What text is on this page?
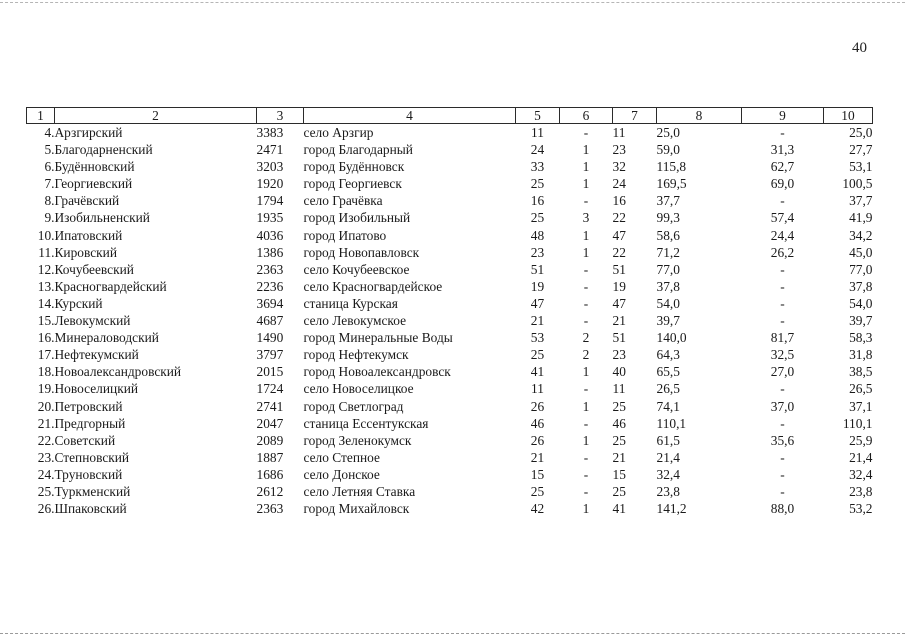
40
1	2	3	4	5	6	7	8	9	10
4.	Арзгирский	3383	село Арзгир	11	-	11	25,0	-	25,0
5.	Благодарненский	2471	город Благодарный	24	1	23	59,0	31,3	27,7
6.	Будённовский	3203	город Будённовск	33	1	32	115,8	62,7	53,1
7.	Георгиевский	1920	город Георгиевск	25	1	24	169,5	69,0	100,5
8.	Грачёвский	1794	село Грачёвка	16	-	16	37,7	-	37,7
9.	Изобильненский	1935	город Изобильный	25	3	22	99,3	57,4	41,9
10.	Ипатовский	4036	город Ипатово	48	1	47	58,6	24,4	34,2
11.	Кировский	1386	город Новопавловск	23	1	22	71,2	26,2	45,0
12.	Кочубеевский	2363	село Кочубеевское	51	-	51	77,0	-	77,0
13.	Красногвардейский	2236	село Красногвардейское	19	-	19	37,8	-	37,8
14.	Курский	3694	станица Курская	47	-	47	54,0	-	54,0
15.	Левокумский	4687	село Левокумское	21	-	21	39,7	-	39,7
16.	Минераловодский	1490	город Минеральные Воды	53	2	51	140,0	81,7	58,3
17.	Нефтекумский	3797	город Нефтекумск	25	2	23	64,3	32,5	31,8
18.	Новоалександровский	2015	город Новоалександровск	41	1	40	65,5	27,0	38,5
19.	Новоселицкий	1724	село Новоселицкое	11	-	11	26,5	-	26,5
20.	Петровский	2741	город Светлоград	26	1	25	74,1	37,0	37,1
21.	Предгорный	2047	станица Ессентукская	46	-	46	110,1	-	110,1
22.	Советский	2089	город Зеленокумск	26	1	25	61,5	35,6	25,9
23.	Степновский	1887	село Степное	21	-	21	21,4	-	21,4
24.	Труновский	1686	село Донское	15	-	15	32,4	-	32,4
25.	Туркменский	2612	село Летняя Ставка	25	-	25	23,8	-	23,8
26.	Шпаковский	2363	город Михайловск	42	1	41	141,2	88,0	53,2
